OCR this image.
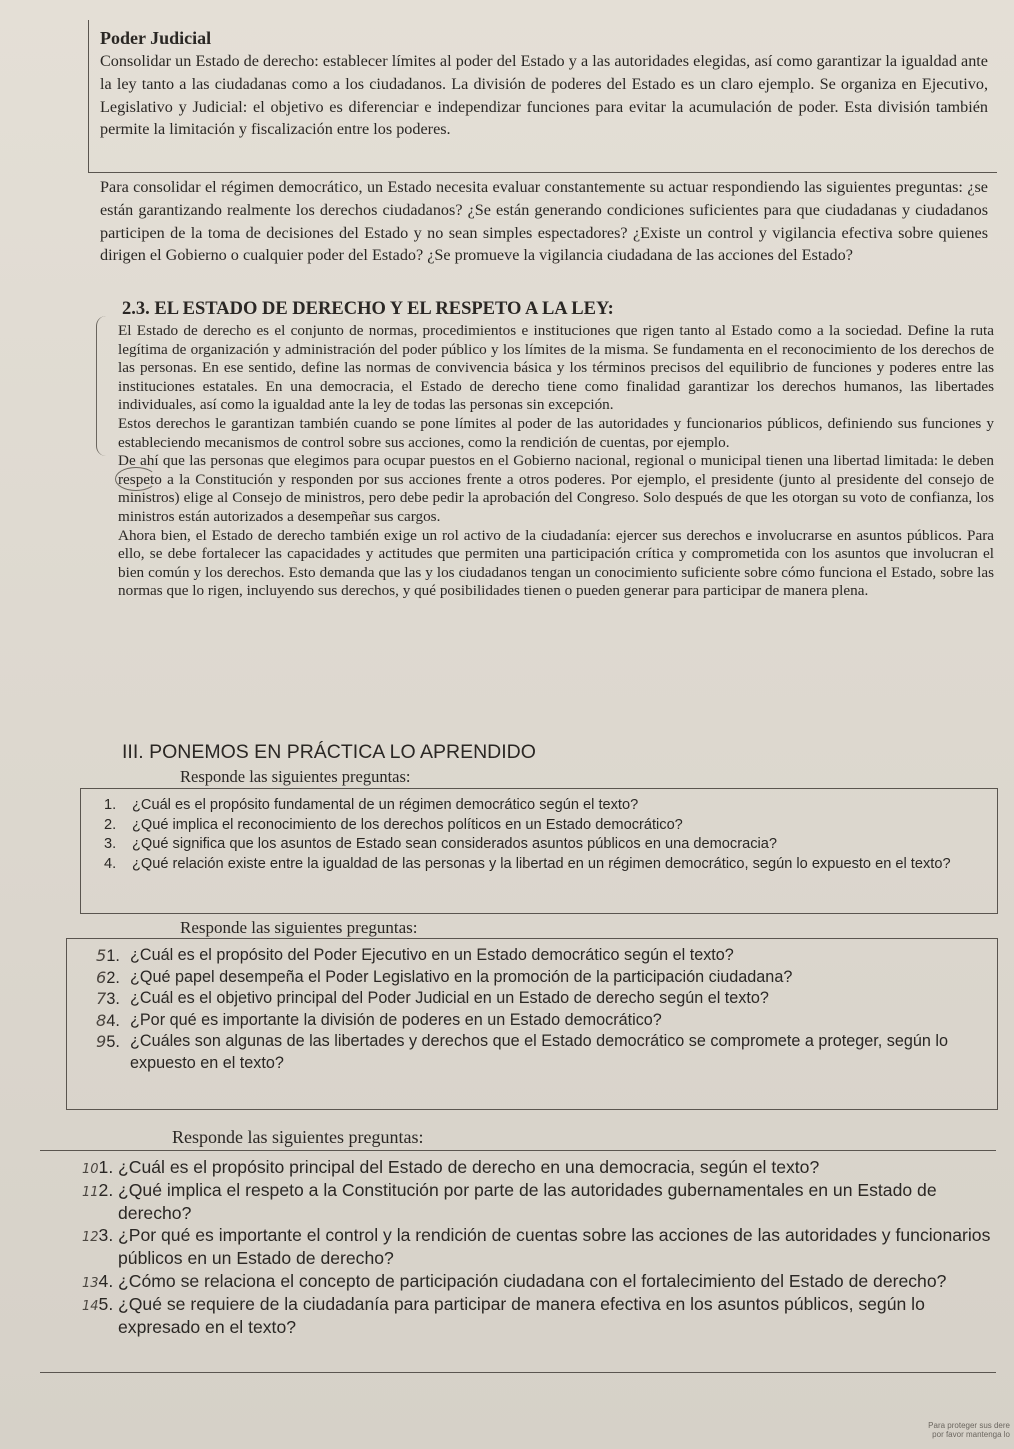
Poder Judicial

Consolidar un Estado de derecho: establecer límites al poder del Estado y a las autoridades elegidas, así como garantizar la igualdad ante la ley tanto a las ciudadanas como a los ciudadanos. La división de poderes del Estado es un claro ejemplo. Se organiza en Ejecutivo, Legislativo y Judicial: el objetivo es diferenciar e independizar funciones para evitar la acumulación de poder. Esta división también permite la limitación y fiscalización entre los poderes.

Para consolidar el régimen democrático, un Estado necesita evaluar constantemente su actuar respondiendo las siguientes preguntas: ¿se están garantizando realmente los derechos ciudadanos? ¿Se están generando condiciones suficientes para que ciudadanas y ciudadanos participen de la toma de decisiones del Estado y no sean simples espectadores? ¿Existe un control y vigilancia efectiva sobre quienes dirigen el Gobierno o cualquier poder del Estado? ¿Se promueve la vigilancia ciudadana de las acciones del Estado?

2.3. EL ESTADO DE DERECHO Y EL RESPETO A LA LEY:

El Estado de derecho es el conjunto de normas, procedimientos e instituciones que rigen tanto al Estado como a la sociedad. Define la ruta legítima de organización y administración del poder público y los límites de la misma. Se fundamenta en el reconocimiento de los derechos de las personas. En ese sentido, define las normas de convivencia básica y los términos precisos del equilibrio de funciones y poderes entre las instituciones estatales. En una democracia, el Estado de derecho tiene como finalidad garantizar los derechos humanos, las libertades individuales, así como la igualdad ante la ley de todas las personas sin excepción.

Estos derechos le garantizan también cuando se pone límites al poder de las autoridades y funcionarios públicos, definiendo sus funciones y estableciendo mecanismos de control sobre sus acciones, como la rendición de cuentas, por ejemplo.

De ahí que las personas que elegimos para ocupar puestos en el Gobierno nacional, regional o municipal tienen una libertad limitada: le deben respeto a la Constitución y responden por sus acciones frente a otros poderes. Por ejemplo, el presidente (junto al presidente del consejo de ministros) elige al Consejo de ministros, pero debe pedir la aprobación del Congreso. Solo después de que les otorgan su voto de confianza, los ministros están autorizados a desempeñar sus cargos.

Ahora bien, el Estado de derecho también exige un rol activo de la ciudadanía: ejercer sus derechos e involucrarse en asuntos públicos. Para ello, se debe fortalecer las capacidades y actitudes que permiten una participación crítica y comprometida con los asuntos que involucran el bien común y los derechos. Esto demanda que las y los ciudadanos tengan un conocimiento suficiente sobre cómo funciona el Estado, sobre las normas que lo rigen, incluyendo sus derechos, y qué posibilidades tienen o pueden generar para participar de manera plena.

III. PONEMOS EN PRÁCTICA LO APRENDIDO
Responde las siguientes preguntas:
1. ¿Cuál es el propósito fundamental de un régimen democrático según el texto?
2. ¿Qué implica el reconocimiento de los derechos políticos en un Estado democrático?
3. ¿Qué significa que los asuntos de Estado sean considerados asuntos públicos en una democracia?
4. ¿Qué relación existe entre la igualdad de las personas y la libertad en un régimen democrático, según lo expuesto en el texto?
Responde las siguientes preguntas:
51. ¿Cuál es el propósito del Poder Ejecutivo en un Estado democrático según el texto?
62. ¿Qué papel desempeña el Poder Legislativo en la promoción de la participación ciudadana?
73. ¿Cuál es el objetivo principal del Poder Judicial en un Estado de derecho según el texto?
84. ¿Por qué es importante la división de poderes en un Estado democrático?
95. ¿Cuáles son algunas de las libertades y derechos que el Estado democrático se compromete a proteger, según lo expuesto en el texto?
Responde las siguientes preguntas:
101. ¿Cuál es el propósito principal del Estado de derecho en una democracia, según el texto?
112. ¿Qué implica el respeto a la Constitución por parte de las autoridades gubernamentales en un Estado de derecho?
123. ¿Por qué es importante el control y la rendición de cuentas sobre las acciones de las autoridades y funcionarios públicos en un Estado de derecho?
134. ¿Cómo se relaciona el concepto de participación ciudadana con el fortalecimiento del Estado de derecho?
145. ¿Qué se requiere de la ciudadanía para participar de manera efectiva en los asuntos públicos, según lo expresado en el texto?
Para proteger sus dere
por favor mantenga lo
